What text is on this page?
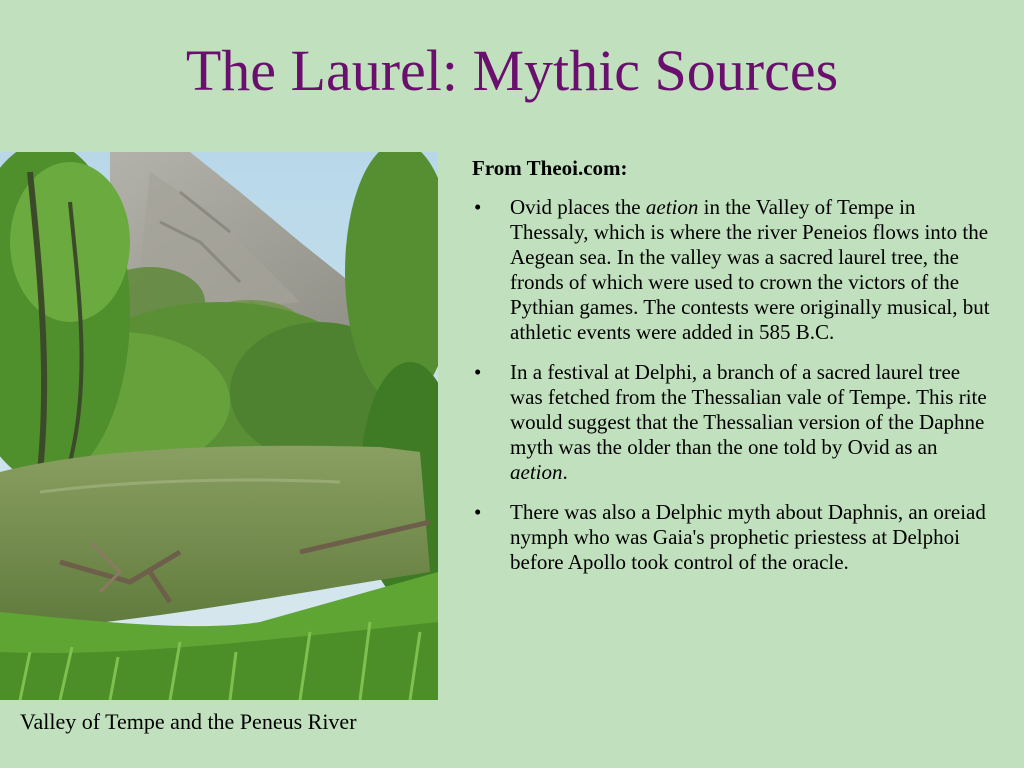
The Laurel: Mythic Sources
Valley of Tempe and the Peneus River

From Theoi.com:

• Ovid places the aetion in the Valley of Tempe in Thessaly, which is where the river Peneios flows into the Aegean sea. In the valley was a sacred laurel tree, the fronds of which were used to crown the victors of the Pythian games. The contests were originally musical, but athletic events were added in 585 B.C.
• In a festival at Delphi, a branch of a sacred laurel tree was fetched from the Thessalian vale of Tempe. This rite would suggest that the Thessalian version of the Daphne myth was the older than the one told by Ovid as an aetion.
• There was also a Delphic myth about Daphnis, an oreiad nymph who was Gaia's prophetic priestess at Delphoi before Apollo took control of the oracle.
